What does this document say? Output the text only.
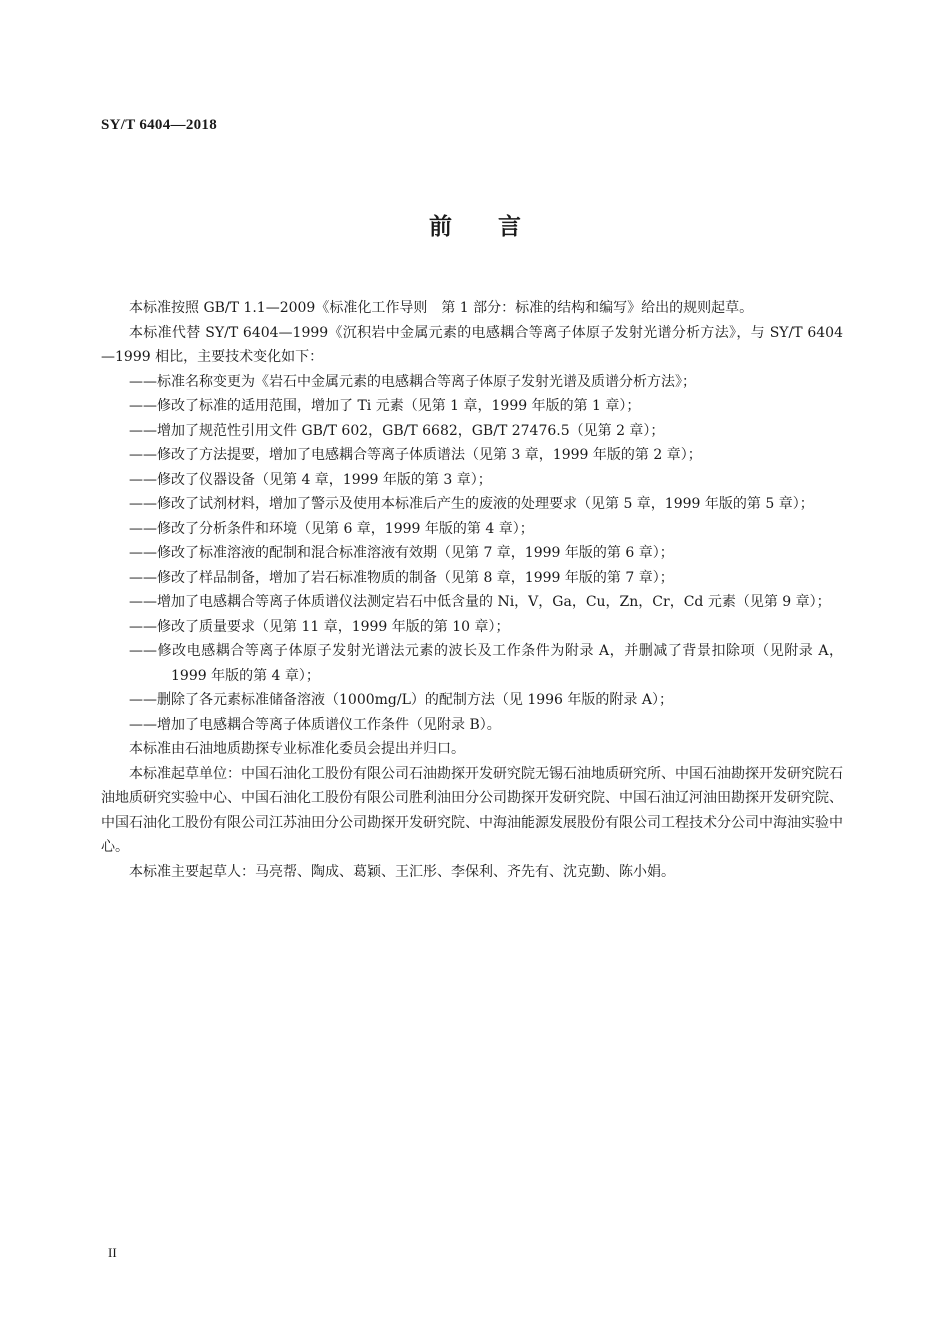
SY/T 6404—2018
前言

本标准按照 GB/T 1.1—2009《标准化工作导则　第 1 部分：标准的结构和编写》给出的规则起草。

本标准代替 SY/T 6404—1999《沉积岩中金属元素的电感耦合等离子体原子发射光谱分析方法》，与 SY/T 6404—1999 相比，主要技术变化如下：

——标准名称变更为《岩石中金属元素的电感耦合等离子体原子发射光谱及质谱分析方法》；

——修改了标准的适用范围，增加了 Ti 元素（见第 1 章，1999 年版的第 1 章）；

——增加了规范性引用文件 GB/T 602，GB/T 6682，GB/T 27476.5（见第 2 章）；

——修改了方法提要，增加了电感耦合等离子体质谱法（见第 3 章，1999 年版的第 2 章）；

——修改了仪器设备（见第 4 章，1999 年版的第 3 章）；

——修改了试剂材料，增加了警示及使用本标准后产生的废液的处理要求（见第 5 章，1999 年版的第 5 章）；

——修改了分析条件和环境（见第 6 章，1999 年版的第 4 章）；

——修改了标准溶液的配制和混合标准溶液有效期（见第 7 章，1999 年版的第 6 章）；

——修改了样品制备，增加了岩石标准物质的制备（见第 8 章，1999 年版的第 7 章）；

——增加了电感耦合等离子体质谱仪法测定岩石中低含量的 Ni，V，Ga，Cu，Zn，Cr，Cd 元素（见第 9 章）；

——修改了质量要求（见第 11 章，1999 年版的第 10 章）；

——修改电感耦合等离子体原子发射光谱法元素的波长及工作条件为附录 A，并删减了背景扣除项（见附录 A，1999 年版的第 4 章）；

——删除了各元素标准储备溶液（1000mg/L）的配制方法（见 1996 年版的附录 A）；

——增加了电感耦合等离子体质谱仪工作条件（见附录 B）。

本标准由石油地质勘探专业标准化委员会提出并归口。

本标准起草单位：中国石油化工股份有限公司石油勘探开发研究院无锡石油地质研究所、中国石油勘探开发研究院石油地质研究实验中心、中国石油化工股份有限公司胜利油田分公司勘探开发研究院、中国石油辽河油田勘探开发研究院、中国石油化工股份有限公司江苏油田分公司勘探开发研究院、中海油能源发展股份有限公司工程技术分公司中海油实验中心。

本标准主要起草人：马亮帮、陶成、葛颖、王汇彤、李保利、齐先有、沈克勤、陈小娟。

II
